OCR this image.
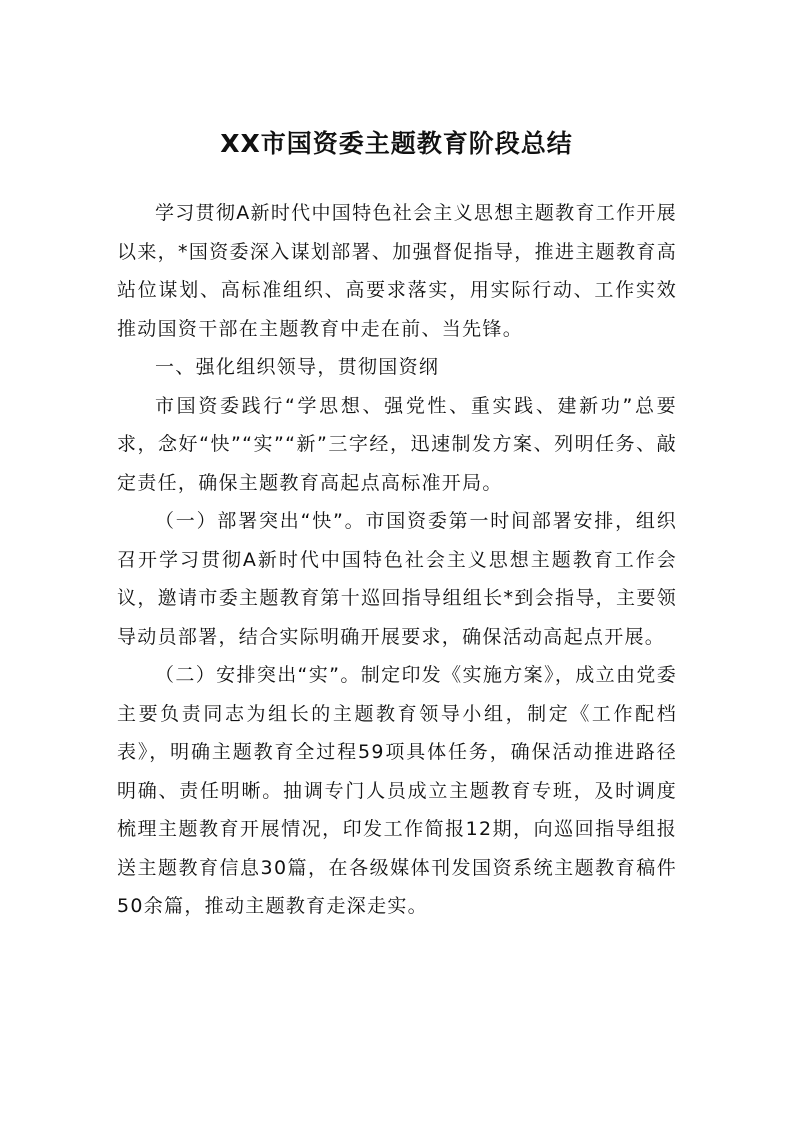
XX市国资委主题教育阶段总结

学习贯彻A新时代中国特色社会主义思想主题教育工作开展以来，*国资委深入谋划部署、加强督促指导，推进主题教育高站位谋划、高标准组织、高要求落实，用实际行动、工作实效推动国资干部在主题教育中走在前、当先锋。

一、强化组织领导，贯彻国资纲

市国资委践行“学思想、强党性、重实践、建新功”总要求，念好“快”“实”“新”三字经，迅速制发方案、列明任务、敲定责任，确保主题教育高起点高标准开局。

（一）部署突出“快”。市国资委第一时间部署安排，组织召开学习贯彻A新时代中国特色社会主义思想主题教育工作会议，邀请市委主题教育第十巡回指导组组长*到会指导，主要领导动员部署，结合实际明确开展要求，确保活动高起点开展。

（二）安排突出“实”。制定印发《实施方案》，成立由党委主要负责同志为组长的主题教育领导小组，制定《工作配档表》，明确主题教育全过程59项具体任务，确保活动推进路径明确、责任明晰。抽调专门人员成立主题教育专班，及时调度梳理主题教育开展情况，印发工作简报12期，向巡回指导组报送主题教育信息30篇，在各级媒体刊发国资系统主题教育稿件50余篇，推动主题教育走深走实。
